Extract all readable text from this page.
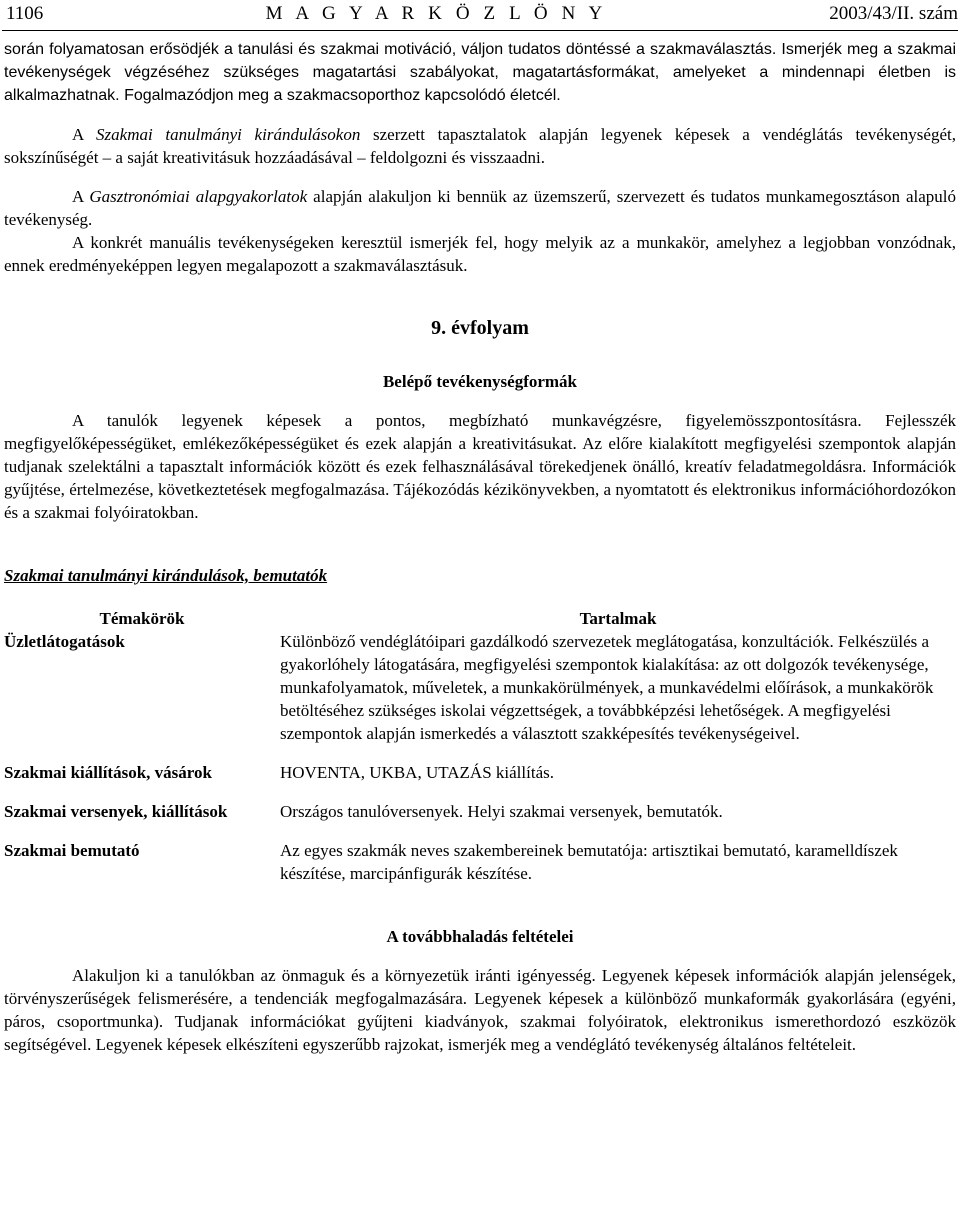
1106	M A G Y A R K Ö Z L Ö N Y	2003/43/II. szám

során folyamatosan erősödjék a tanulási és szakmai motiváció, váljon tudatos döntéssé a szakmaválasztás. Ismerjék meg a szakmai tevékenységek végzéséhez szükséges magatartási szabályokat, magatartásformákat, amelyeket a mindennapi életben is alkalmazhatnak. Fogalmazódjon meg a szakmacsoporthoz kapcsolódó életcél.

A Szakmai tanulmányi kirándulásokon szerzett tapasztalatok alapján legyenek képesek a vendéglátás tevékenységét, sokszínűségét – a saját kreativitásuk hozzáadásával – feldolgozni és visszaadni.

A Gasztronómiai alapgyakorlatok alapján alakuljon ki bennük az üzemszerű, szervezett és tudatos munkamegosztáson alapuló tevékenység.

A konkrét manuális tevékenységeken keresztül ismerjék fel, hogy melyik az a munkakör, amelyhez a legjobban vonzódnak, ennek eredményeképpen legyen megalapozott a szakmaválasztásuk.

9. évfolyam

Belépő tevékenységformák

A tanulók legyenek képesek a pontos, megbízható munkavégzésre, figyelemösszpontosításra. Fejlesszék megfigyelőképességüket, emlékezőképességüket és ezek alapján a kreativitásukat. Az előre kialakított megfigyelési szempontok alapján tudjanak szelektálni a tapasztalt információk között és ezek felhasználásával törekedjenek önálló, kreatív feladatmegoldásra. Információk gyűjtése, értelmezése, következtetések megfogalmazása. Tájékozódás kézikönyvekben, a nyomtatott és elektronikus információhordozókon és a szakmai folyóiratokban.

Szakmai tanulmányi kirándulások, bemutatók

Témakörök	Tartalmak
Üzletlátogatások	Különböző vendéglátóipari gazdálkodó szervezetek meglátogatása, konzultációk. Felkészülés a gyakorlóhely látogatására, megfigyelési szempontok kialakítása: az ott dolgozók tevékenysége, munkafolyamatok, műveletek, a munkakörülmények, a munkavédelmi előírások, a munkakörök betöltéséhez szükséges iskolai végzettségek, a továbbképzési lehetőségek. A megfigyelési szempontok alapján ismerkedés a választott szakképesítés tevékenységeivel.
Szakmai kiállítások, vásárok	HOVENTA, UKBA, UTAZÁS kiállítás.
Szakmai versenyek, kiállítások	Országos tanulóversenyek. Helyi szakmai versenyek, bemutatók.
Szakmai bemutató	Az egyes szakmák neves szakembereinek bemutatója: artisztikai bemutató, karamelldíszek készítése, marcipánfigurák készítése.

A továbbhaladás feltételei

Alakuljon ki a tanulókban az önmaguk és a környezetük iránti igényesség. Legyenek képesek információk alapján jelenségek, törvényszerűségek felismerésére, a tendenciák megfogalmazására. Legyenek képesek a különböző munkaformák gyakorlására (egyéni, páros, csoportmunka). Tudjanak információkat gyűjteni kiadványok, szakmai folyóiratok, elektronikus ismerethordozó eszközök segítségével. Legyenek képesek elkészíteni egyszerűbb rajzokat, ismerjék meg a vendéglátó tevékenység általános feltételeit.
